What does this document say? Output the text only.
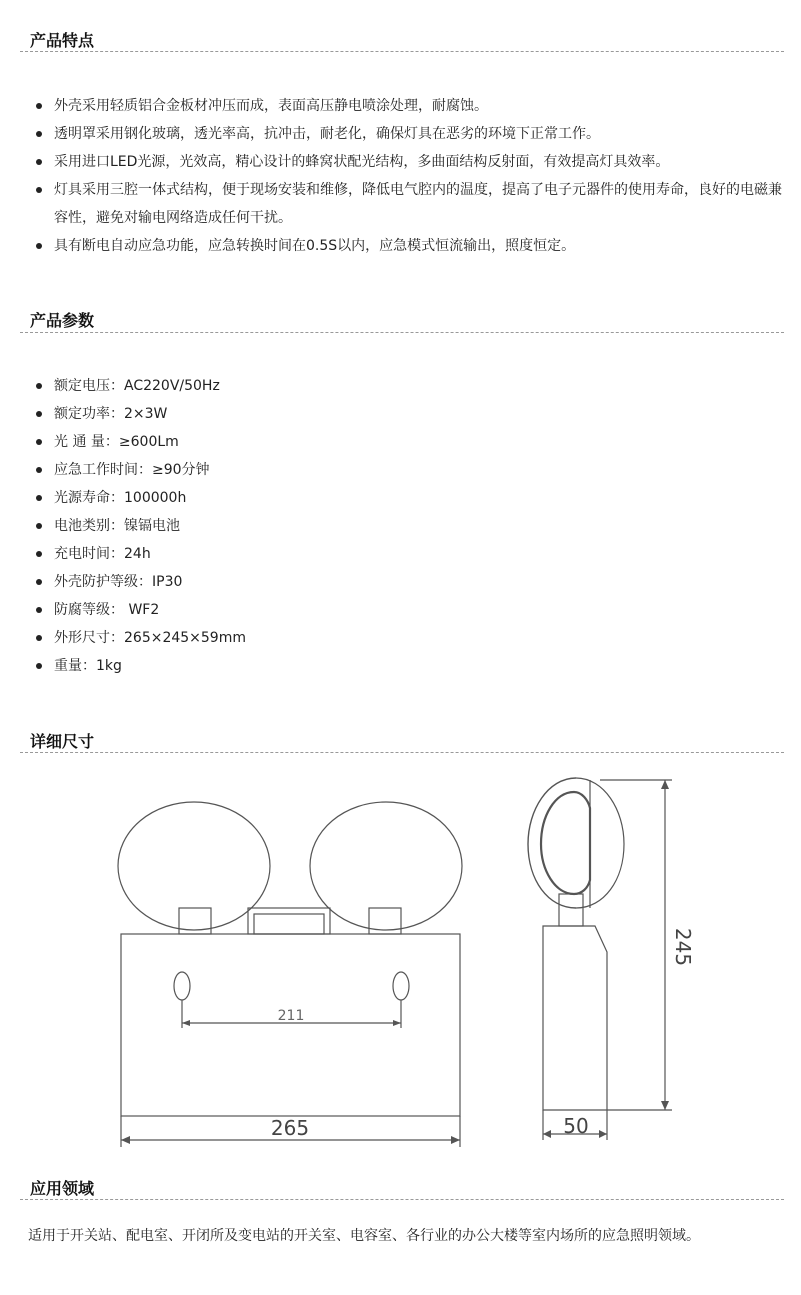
产品特点
外壳采用轻质铝合金板材冲压而成，表面高压静电喷涂处理，耐腐蚀。
透明罩采用钢化玻璃，透光率高，抗冲击，耐老化，确保灯具在恶劣的环境下正常工作。
采用进口LED光源，光效高，精心设计的蜂窝状配光结构，多曲面结构反射面，有效提高灯具效率。
灯具采用三腔一体式结构，便于现场安装和维修，降低电气腔内的温度，提高了电子元器件的使用寿命，良好的电磁兼容性，避免对输电网络造成任何干扰。
具有断电自动应急功能，应急转换时间在0.5S以内，应急模式恒流输出，照度恒定。
产品参数
额定电压：AC220V/50Hz
额定功率：2×3W
光 通 量：≥600Lm
应急工作时间：≥90分钟
光源寿命：100000h
电池类别：镍镉电池
充电时间：24h
外壳防护等级：IP30
防腐等级： WF2
外形尺寸：265×245×59mm
重量：1kg
详细尺寸
211
265	50
245
应用领域
适用于开关站、配电室、开闭所及变电站的开关室、电容室、各行业的办公大楼等室内场所的应急照明领域。
